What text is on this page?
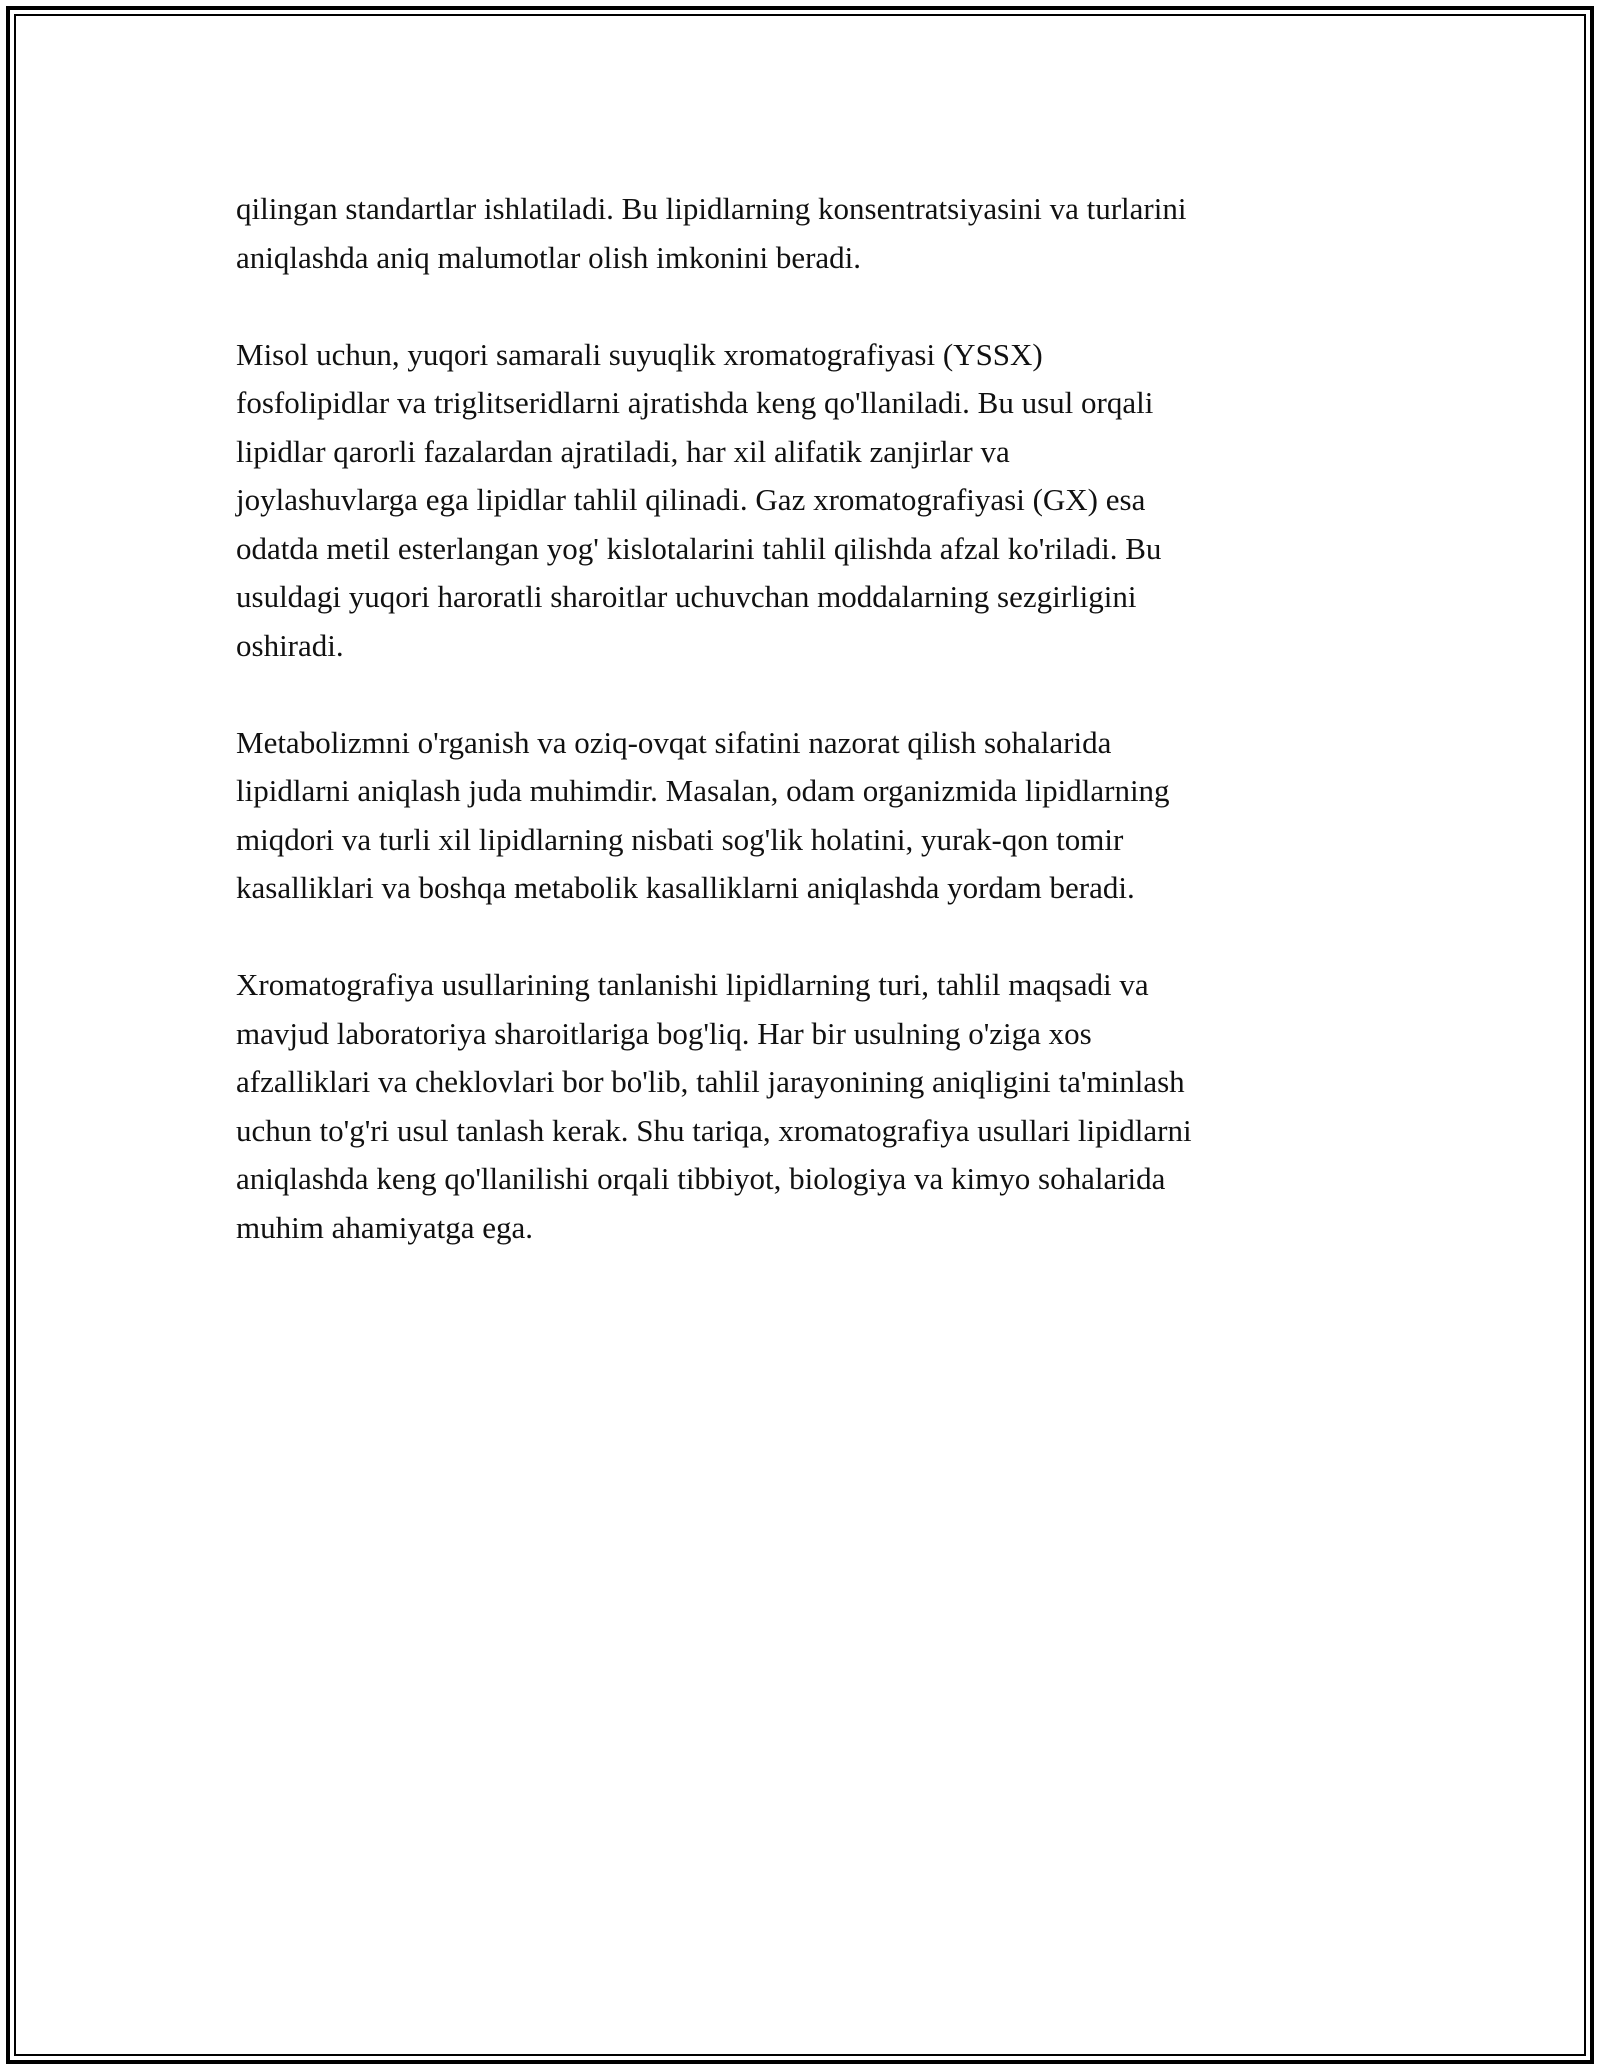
qilingan standartlar ishlatiladi. Bu lipidlarning konsentratsiyasini va turlarini
aniqlashda aniq malumotlar olish imkonini beradi.

Misol uchun, yuqori samarali suyuqlik xromatografiyasi (YSSX)
fosfolipidlar va triglitseridlarni ajratishda keng qo'llaniladi. Bu usul orqali
lipidlar qarorli fazalardan ajratiladi, har xil alifatik zanjirlar va
joylashuvlarga ega lipidlar tahlil qilinadi. Gaz xromatografiyasi (GX) esa
odatda metil esterlangan yog' kislotalarini tahlil qilishda afzal ko'riladi. Bu
usuldagi yuqori haroratli sharoitlar uchuvchan moddalarning sezgirligini
oshiradi.

Metabolizmni o'rganish va oziq-ovqat sifatini nazorat qilish sohalarida
lipidlarni aniqlash juda muhimdir. Masalan, odam organizmida lipidlarning
miqdori va turli xil lipidlarning nisbati sog'lik holatini, yurak-qon tomir
kasalliklari va boshqa metabolik kasalliklarni aniqlashda yordam beradi.

Xromatografiya usullarining tanlanishi lipidlarning turi, tahlil maqsadi va
mavjud laboratoriya sharoitlariga bog'liq. Har bir usulning o'ziga xos
afzalliklari va cheklovlari bor bo'lib, tahlil jarayonining aniqligini ta'minlash
uchun to'g'ri usul tanlash kerak. Shu tariqa, xromatografiya usullari lipidlarni
aniqlashda keng qo'llanilishi orqali tibbiyot, biologiya va kimyo sohalarida
muhim ahamiyatga ega.
